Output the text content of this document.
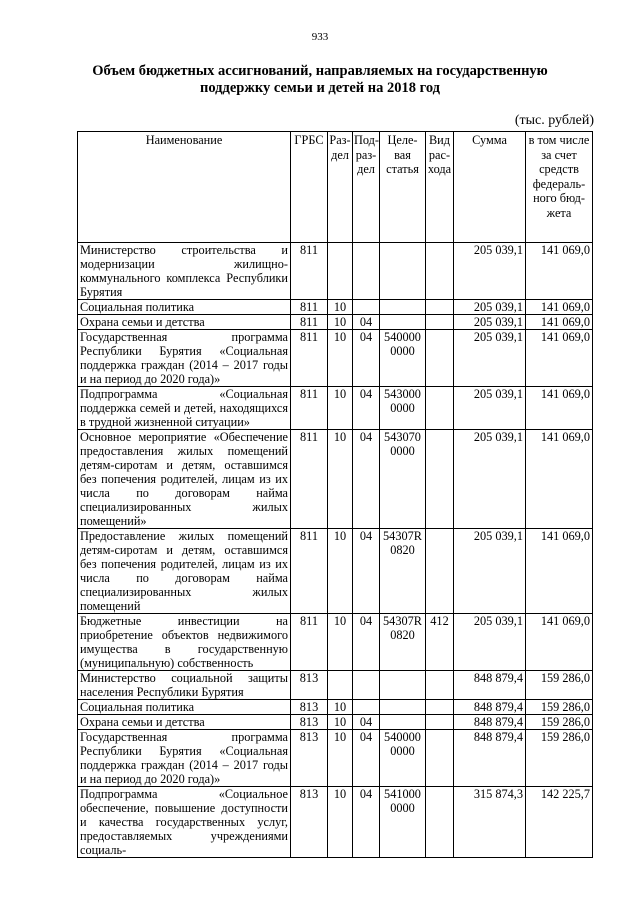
933
Объем бюджетных ассигнований, направляемых на государственную
поддержку семьи и детей на 2018 год
(тыс. рублей)
Наименование	ГРБС	Раз-дел	Под-раз-дел	Целе-вая статья	Вид рас-хода	Сумма	в том числе за счет средств федераль-ного бюд-жета
Министерство строительства и модернизации жилищно-коммунального комплекса Республики Бурятия	811					205 039,1	141 069,0
Социальная политика	811	10				205 039,1	141 069,0
Охрана семьи и детства	811	10	04			205 039,1	141 069,0
Государственная программа Республики Бурятия «Социальная поддержка граждан (2014 – 2017 годы и на период до 2020 года)»	811	10	04	540000 0000		205 039,1	141 069,0
Подпрограмма «Социальная поддержка семей и детей, находящихся в трудной жизненной ситуации»	811	10	04	543000 0000		205 039,1	141 069,0
Основное мероприятие «Обеспечение предоставления жилых помещений детям-сиротам и детям, оставшимся без попечения родителей, лицам из их числа по договорам найма специализированных жилых помещений»	811	10	04	543070 0000		205 039,1	141 069,0
Предоставление жилых помещений детям-сиротам и детям, оставшимся без попечения родителей, лицам из их числа по договорам найма специализированных жилых помещений	811	10	04	54307R 0820		205 039,1	141 069,0
Бюджетные инвестиции на приобретение объектов недвижимого имущества в государственную (муниципальную) собственность	811	10	04	54307R 0820	412	205 039,1	141 069,0
Министерство социальной защиты населения Республики Бурятия	813					848 879,4	159 286,0
Социальная политика	813	10				848 879,4	159 286,0
Охрана семьи и детства	813	10	04			848 879,4	159 286,0
Государственная программа Республики Бурятия «Социальная поддержка граждан (2014 – 2017 годы и на период до 2020 года)»	813	10	04	540000 0000		848 879,4	159 286,0
Подпрограмма «Социальное обеспечение, повышение доступности и качества государственных услуг, предоставляемых учреждениями социаль-	813	10	04	541000 0000		315 874,3	142 225,7
